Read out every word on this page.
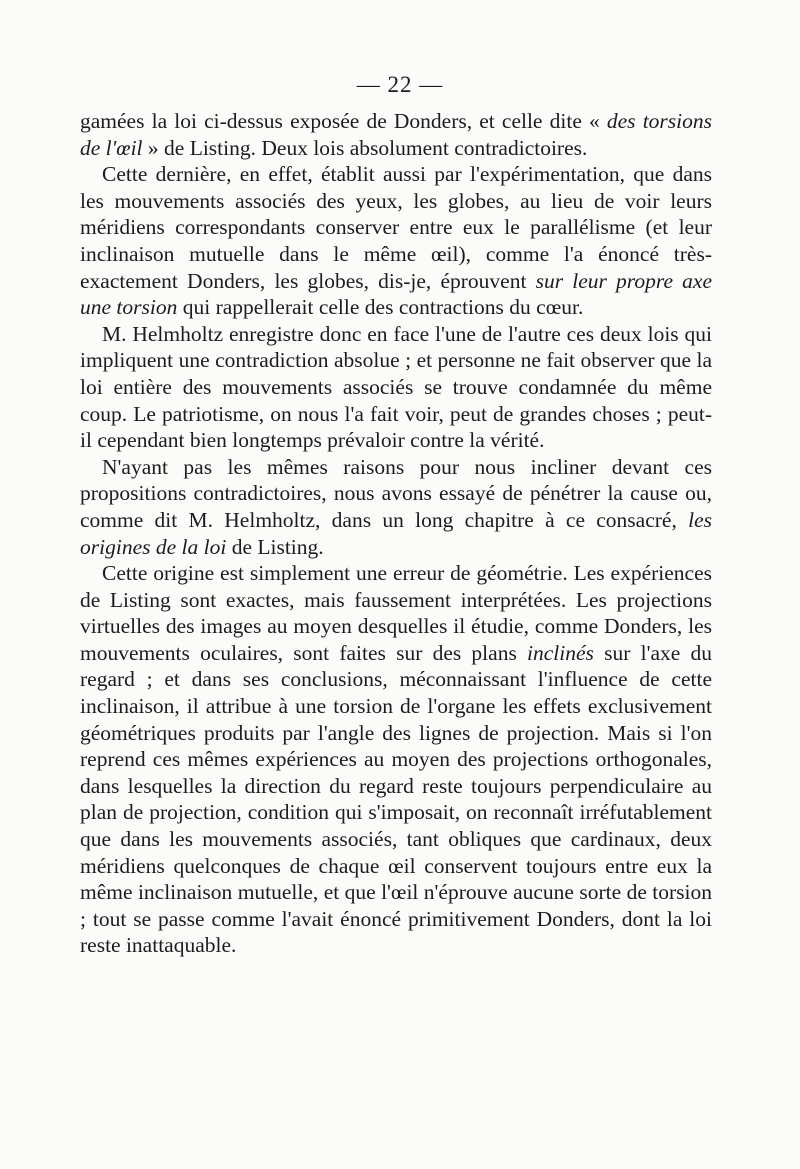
— 22 —

gamées la loi ci-dessus exposée de Donders, et celle dite « des torsions de l'œil » de Listing. Deux lois absolument contradictoires.

Cette dernière, en effet, établit aussi par l'expérimentation, que dans les mouvements associés des yeux, les globes, au lieu de voir leurs méridiens correspondants conserver entre eux le parallélisme (et leur inclinaison mutuelle dans le même œil), comme l'a énoncé très-exactement Donders, les globes, dis-je, éprouvent sur leur propre axe une torsion qui rappellerait celle des contractions du cœur.

M. Helmholtz enregistre donc en face l'une de l'autre ces deux lois qui impliquent une contradiction absolue ; et personne ne fait observer que la loi entière des mouvements associés se trouve condamnée du même coup. Le patriotisme, on nous l'a fait voir, peut de grandes choses ; peut-il cependant bien longtemps prévaloir contre la vérité.

N'ayant pas les mêmes raisons pour nous incliner devant ces propositions contradictoires, nous avons essayé de pénétrer la cause ou, comme dit M. Helmholtz, dans un long chapitre à ce consacré, les origines de la loi de Listing.

Cette origine est simplement une erreur de géométrie. Les expériences de Listing sont exactes, mais faussement interprétées. Les projections virtuelles des images au moyen desquelles il étudie, comme Donders, les mouvements oculaires, sont faites sur des plans inclinés sur l'axe du regard ; et dans ses conclusions, méconnaissant l'influence de cette inclinaison, il attribue à une torsion de l'organe les effets exclusivement géométriques produits par l'angle des lignes de projection. Mais si l'on reprend ces mêmes expériences au moyen des projections orthogonales, dans lesquelles la direction du regard reste toujours perpendiculaire au plan de projection, condition qui s'imposait, on reconnaît irréfutablement que dans les mouvements associés, tant obliques que cardinaux, deux méridiens quelconques de chaque œil conservent toujours entre eux la même inclinaison mutuelle, et que l'œil n'éprouve aucune sorte de torsion ; tout se passe comme l'avait énoncé primitivement Donders, dont la loi reste inattaquable.
